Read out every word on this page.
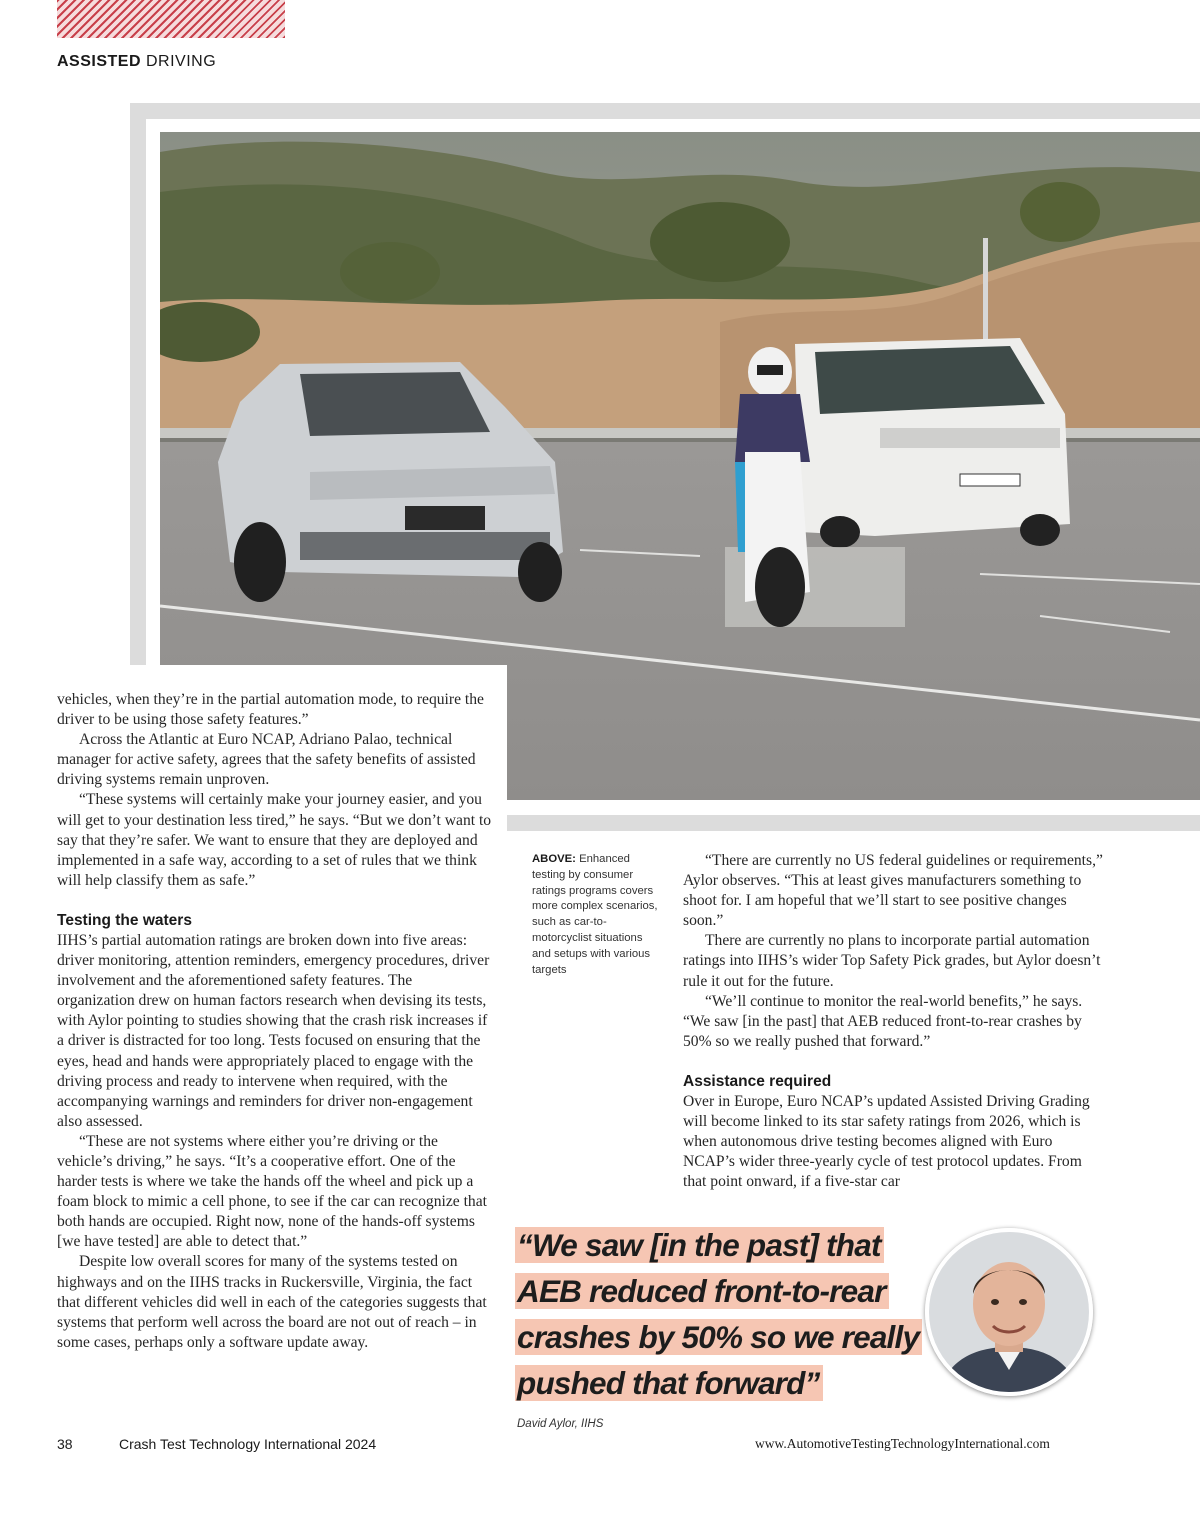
ASSISTED DRIVING

vehicles, when they’re in the partial automation mode, to require the driver to be using those safety features.”

Across the Atlantic at Euro NCAP, Adriano Palao, technical manager for active safety, agrees that the safety benefits of assisted driving systems remain unproven.

“These systems will certainly make your journey easier, and you will get to your destination less tired,” he says. “But we don’t want to say that they’re safer. We want to ensure that they are deployed and implemented in a safe way, according to a set of rules that we think will help classify them as safe.”

Testing the waters

IIHS’s partial automation ratings are broken down into five areas: driver monitoring, attention reminders, emergency procedures, driver involvement and the aforementioned safety features. The organization drew on human factors research when devising its tests, with Aylor pointing to studies showing that the crash risk increases if a driver is distracted for too long. Tests focused on ensuring that the eyes, head and hands were appropriately placed to engage with the driving process and ready to intervene when required, with the accompanying warnings and reminders for driver non-engagement also assessed.

“These are not systems where either you’re driving or the vehicle’s driving,” he says. “It’s a cooperative effort. One of the harder tests is where we take the hands off the wheel and pick up a foam block to mimic a cell phone, to see if the car can recognize that both hands are occupied. Right now, none of the hands-off systems [we have tested] are able to detect that.”

Despite low overall scores for many of the systems tested on highways and on the IIHS tracks in Ruckersville, Virginia, the fact that different vehicles did well in each of the categories suggests that systems that perform well across the board are not out of reach – in some cases, perhaps only a software update away.

ABOVE: Enhanced testing by consumer ratings programs covers more complex scenarios, such as car-to-motorcyclist situations and setups with various targets

“There are currently no US federal guidelines or requirements,” Aylor observes. “This at least gives manufacturers something to shoot for. I am hopeful that we’ll start to see positive changes soon.”

There are currently no plans to incorporate partial automation ratings into IIHS’s wider Top Safety Pick grades, but Aylor doesn’t rule it out for the future.

“We’ll continue to monitor the real-world benefits,” he says. “We saw [in the past] that AEB reduced front-to-rear crashes by 50% so we really pushed that forward.”

Assistance required

Over in Europe, Euro NCAP’s updated Assisted Driving Grading will become linked to its star safety ratings from 2026, which is when autonomous drive testing becomes aligned with Euro NCAP’s wider three-yearly cycle of test protocol updates. From that point onward, if a five-star car

“We saw [in the past] that AEB reduced front-to-rear crashes by 50% so we really pushed that forward”
David Aylor, IIHS
38	Crash Test Technology International 2024	www.AutomotiveTestingTechnologyInternational.com
